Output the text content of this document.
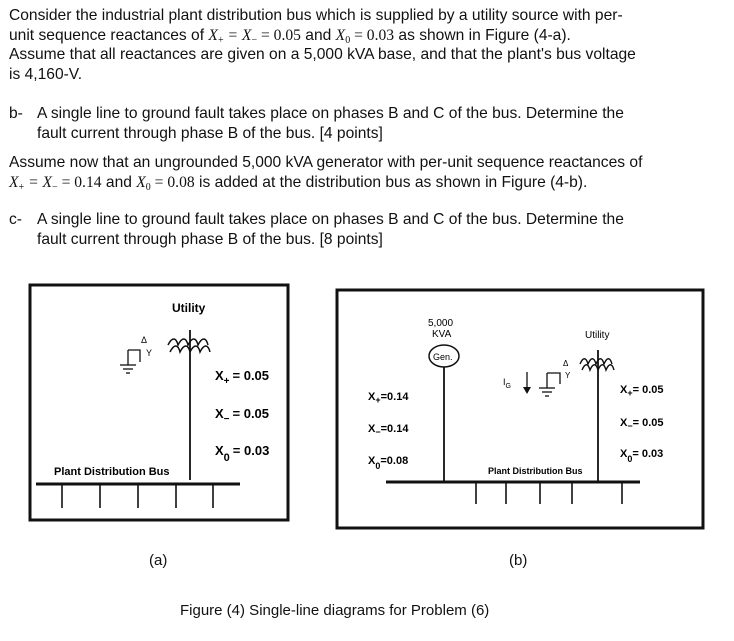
Consider the industrial plant distribution bus which is supplied by a utility source with per-

unit sequence reactances of $X_+ = X_- = 0.05$ and $X_0 = 0.03$ as shown in Figure (4-a).

Assume that all reactances are given on a 5,000 kVA base, and that the plant's bus voltage

is 4,160-V.

b- A single line to ground fault takes place on phases B and C of the bus. Determine the
fault current through phase B of the bus. [4 points]

Assume now that an ungrounded 5,000 kVA generator with per-unit sequence reactances of

$X_+ = X_- = 0.14$ and $X_0 = 0.08$ is added at the distribution bus as shown in Figure (4-b).

c- A single line to ground fault takes place on phases B and C of the bus. Determine the
fault current through phase B of the bus. [8 points]
Utility
Δ
Y
$X_+ = 0.05$
$X_- = 0.05$
$X_0 = 0.03$
Plant Distribution Bus
(a)
5,000
KVA
Gen.
$X_+=0.14$
$X_-=0.14$
$X_0=0.08$
Utility
$X_+= 0.05$
$X_-= 0.05$
$X_0= 0.03$
$I_G$
Δ
Y
Plant Distribution Bus
(b)
Figure (4) Single-line diagrams for Problem (6)
